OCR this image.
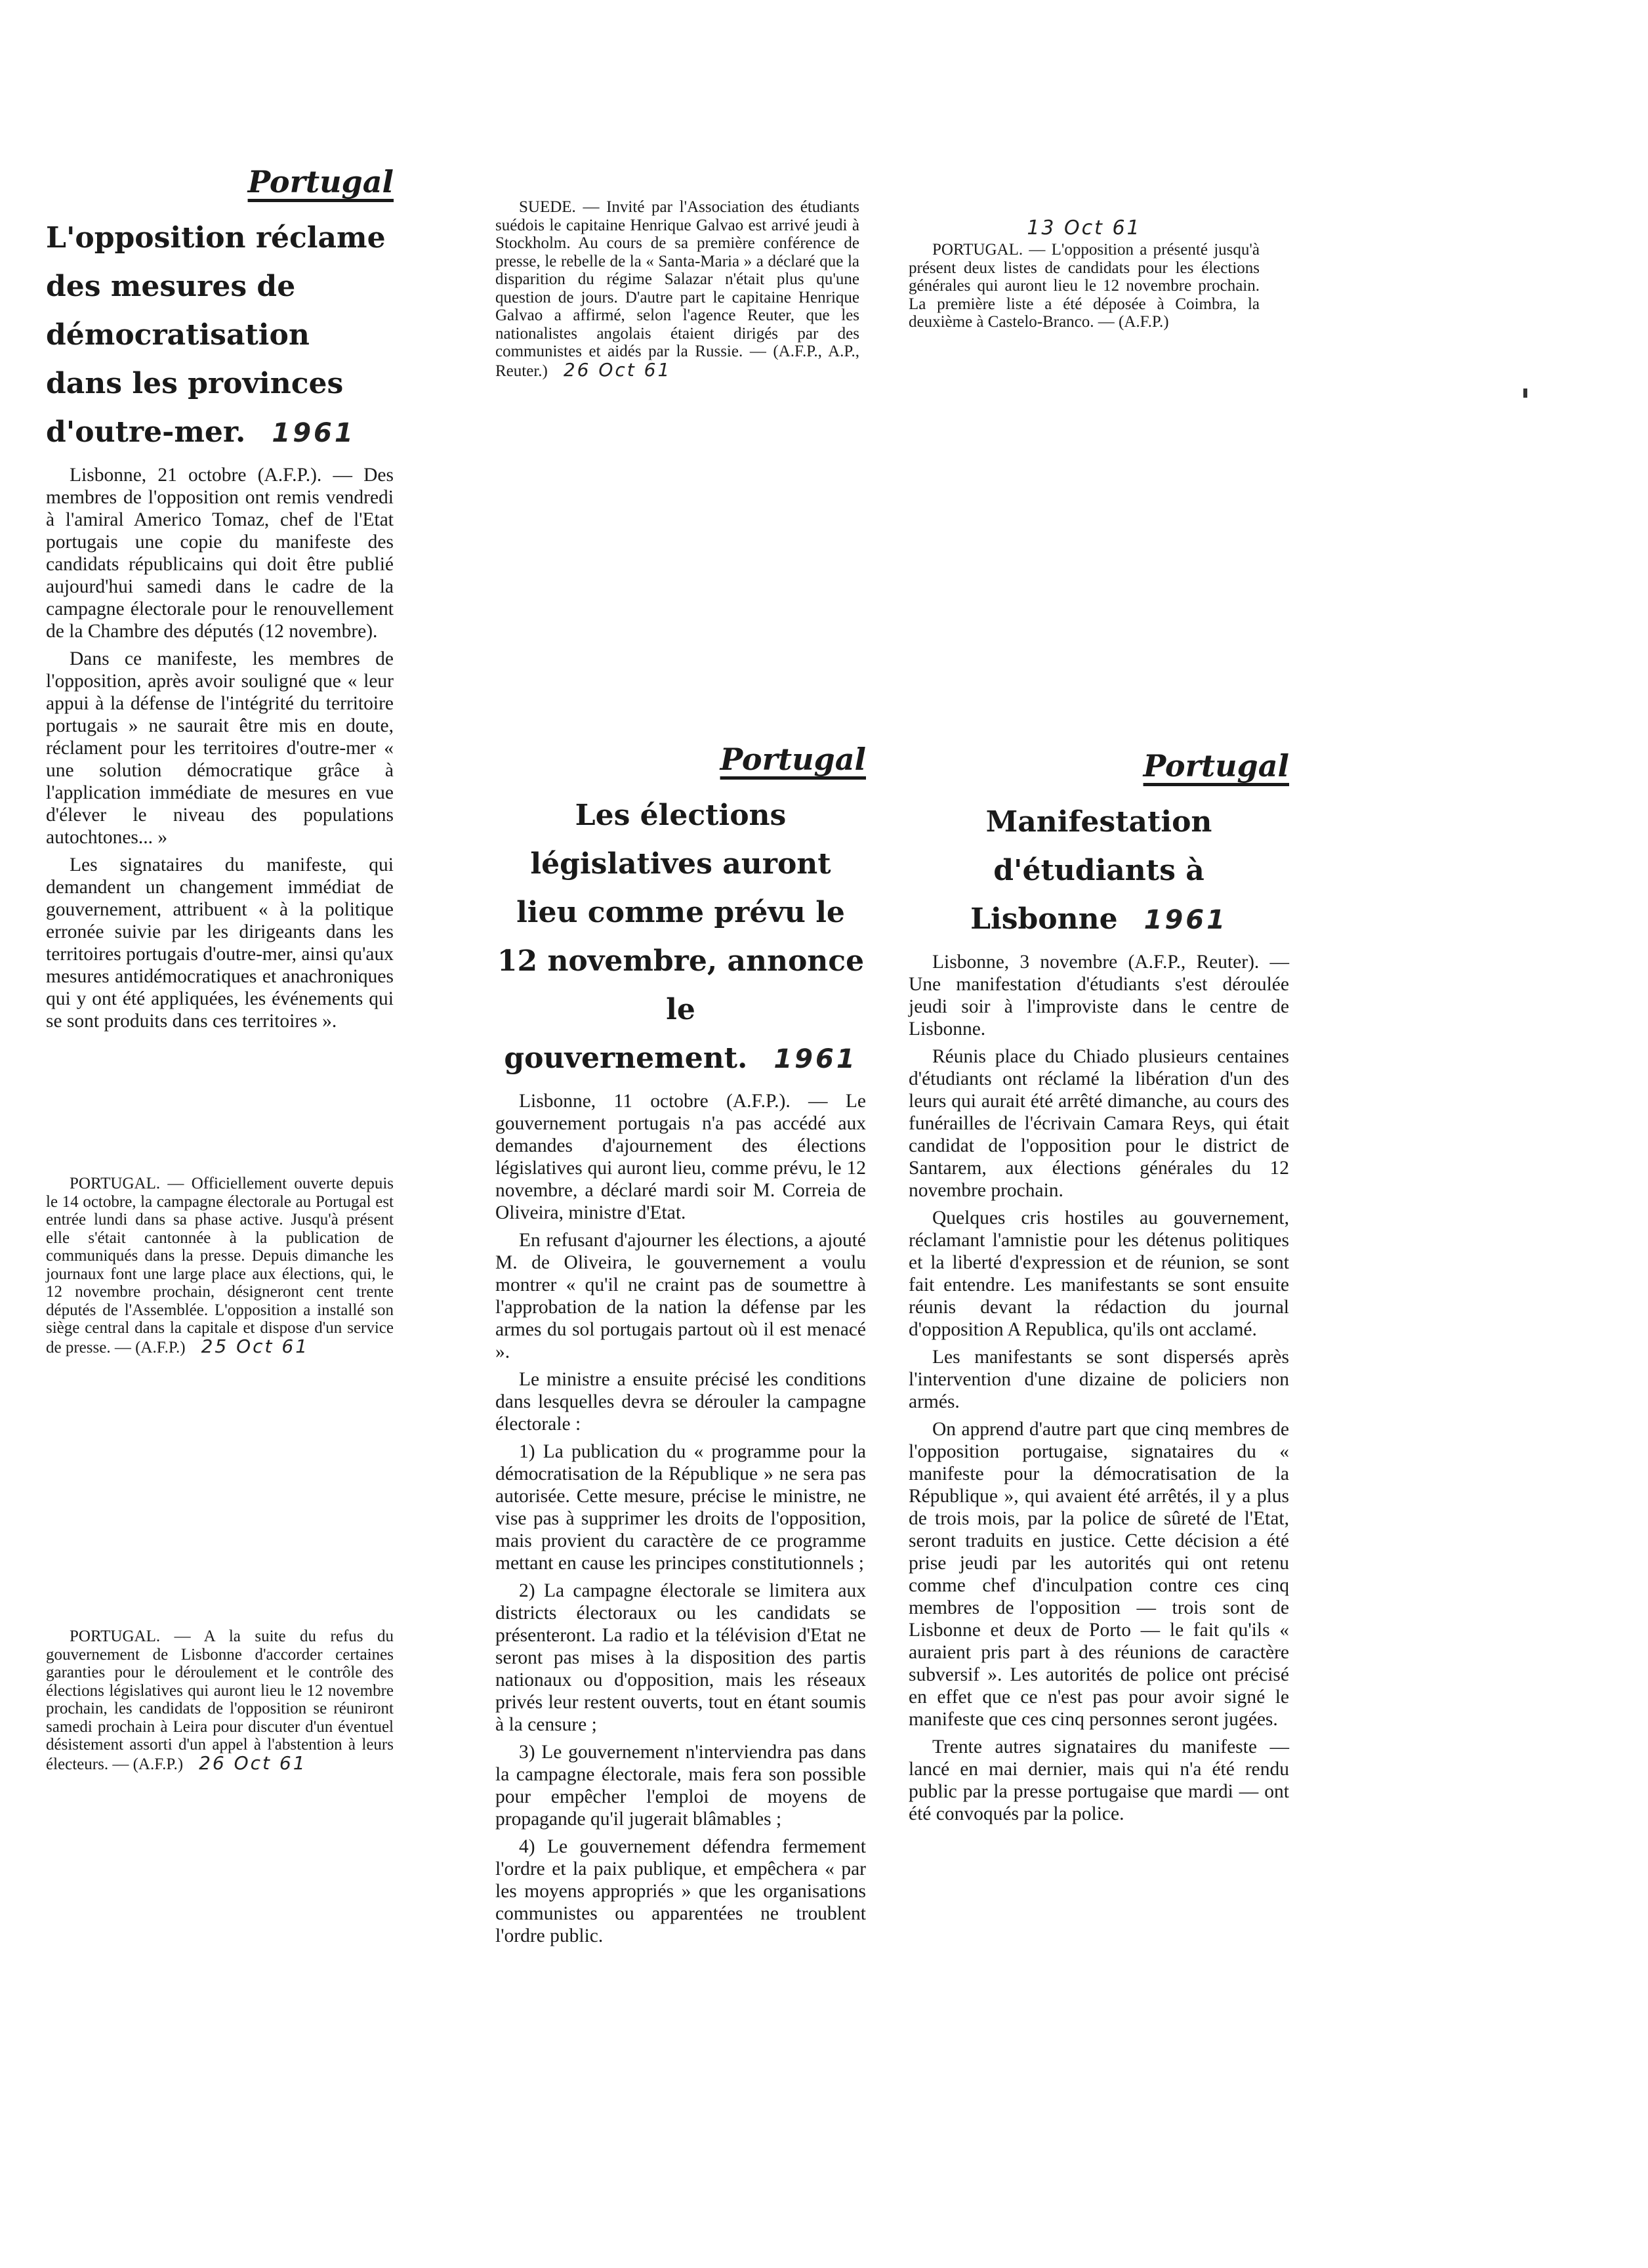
Portugal
L'opposition réclame des mesures de démocratisation dans les provinces d'outre-mer. 1961

Lisbonne, 21 octobre (A.F.P.). — Des membres de l'opposition ont remis vendredi à l'amiral Americo Tomaz, chef de l'Etat portugais une copie du manifeste des candidats républicains qui doit être publié aujourd'hui samedi dans le cadre de la campagne électorale pour le renouvellement de la Chambre des députés (12 novembre).

Dans ce manifeste, les membres de l'opposition, après avoir souligné que « leur appui à la défense de l'intégrité du territoire portugais » ne saurait être mis en doute, réclament pour les territoires d'outre-mer « une solution démocratique grâce à l'application immédiate de mesures en vue d'élever le niveau des populations autochtones... »

Les signataires du manifeste, qui demandent un changement immédiat de gouvernement, attribuent « à la politique erronée suivie par les dirigeants dans les territoires portugais d'outre-mer, ainsi qu'aux mesures antidémocratiques et anachroniques qui y ont été appliquées, les événements qui se sont produits dans ces territoires ».

PORTUGAL. — Officiellement ouverte depuis le 14 octobre, la campagne électorale au Portugal est entrée lundi dans sa phase active. Jusqu'à présent elle s'était cantonnée à la publication de communiqués dans la presse. Depuis dimanche les journaux font une large place aux élections, qui, le 12 novembre prochain, désigneront cent trente députés de l'Assemblée. L'opposition a installé son siège central dans la capitale et dispose d'un service de presse. — (A.F.P.) 25 Oct 61

PORTUGAL. — A la suite du refus du gouvernement de Lisbonne d'accorder certaines garanties pour le déroulement et le contrôle des élections législatives qui auront lieu le 12 novembre prochain, les candidats de l'opposition se réuniront samedi prochain à Leira pour discuter d'un éventuel désistement assorti d'un appel à l'abstention à leurs électeurs. — (A.F.P.) 26 Oct 61

SUEDE. — Invité par l'Association des étudiants suédois le capitaine Henrique Galvao est arrivé jeudi à Stockholm. Au cours de sa première conférence de presse, le rebelle de la « Santa-Maria » a déclaré que la disparition du régime Salazar n'était plus qu'une question de jours. D'autre part le capitaine Henrique Galvao a affirmé, selon l'agence Reuter, que les nationalistes angolais étaient dirigés par des communistes et aidés par la Russie. — (A.F.P., A.P., Reuter.) 26 Oct 61

13 Oct 61

PORTUGAL. — L'opposition a présenté jusqu'à présent deux listes de candidats pour les élections générales qui auront lieu le 12 novembre prochain. La première liste a été déposée à Coimbra, la deuxième à Castelo-Branco. — (A.F.P.)

Portugal
Les élections législatives auront lieu comme prévu le 12 novembre, annonce le gouvernement. 1961

Lisbonne, 11 octobre (A.F.P.). — Le gouvernement portugais n'a pas accédé aux demandes d'ajournement des élections législatives qui auront lieu, comme prévu, le 12 novembre, a déclaré mardi soir M. Correia de Oliveira, ministre d'Etat.

En refusant d'ajourner les élections, a ajouté M. de Oliveira, le gouvernement a voulu montrer « qu'il ne craint pas de soumettre à l'approbation de la nation la défense par les armes du sol portugais partout où il est menacé ».

Le ministre a ensuite précisé les conditions dans lesquelles devra se dérouler la campagne électorale :

1) La publication du « programme pour la démocratisation de la République » ne sera pas autorisée. Cette mesure, précise le ministre, ne vise pas à supprimer les droits de l'opposition, mais provient du caractère de ce programme mettant en cause les principes constitutionnels ;

2) La campagne électorale se limitera aux districts électoraux ou les candidats se présenteront. La radio et la télévision d'Etat ne seront pas mises à la disposition des partis nationaux ou d'opposition, mais les réseaux privés leur restent ouverts, tout en étant soumis à la censure ;

3) Le gouvernement n'interviendra pas dans la campagne électorale, mais fera son possible pour empêcher l'emploi de moyens de propagande qu'il jugerait blâmables ;

4) Le gouvernement défendra fermement l'ordre et la paix publique, et empêchera « par les moyens appropriés » que les organisations communistes ou apparentées ne troublent l'ordre public.

Portugal
Manifestation d'étudiants à Lisbonne 1961

Lisbonne, 3 novembre (A.F.P., Reuter). — Une manifestation d'étudiants s'est déroulée jeudi soir à l'improviste dans le centre de Lisbonne.

Réunis place du Chiado plusieurs centaines d'étudiants ont réclamé la libération d'un des leurs qui aurait été arrêté dimanche, au cours des funérailles de l'écrivain Camara Reys, qui était candidat de l'opposition pour le district de Santarem, aux élections générales du 12 novembre prochain.

Quelques cris hostiles au gouvernement, réclamant l'amnistie pour les détenus politiques et la liberté d'expression et de réunion, se sont fait entendre. Les manifestants se sont ensuite réunis devant la rédaction du journal d'opposition A Republica, qu'ils ont acclamé.

Les manifestants se sont dispersés après l'intervention d'une dizaine de policiers non armés.

On apprend d'autre part que cinq membres de l'opposition portugaise, signataires du « manifeste pour la démocratisation de la République », qui avaient été arrêtés, il y a plus de trois mois, par la police de sûreté de l'Etat, seront traduits en justice. Cette décision a été prise jeudi par les autorités qui ont retenu comme chef d'inculpation contre ces cinq membres de l'opposition — trois sont de Lisbonne et deux de Porto — le fait qu'ils « auraient pris part à des réunions de caractère subversif ». Les autorités de police ont précisé en effet que ce n'est pas pour avoir signé le manifeste que ces cinq personnes seront jugées.

Trente autres signataires du manifeste — lancé en mai dernier, mais qui n'a été rendu public par la presse portugaise que mardi — ont été convoqués par la police.
